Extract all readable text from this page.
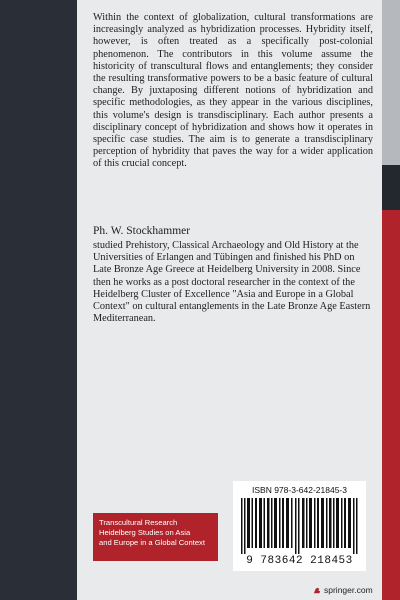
Within the context of globalization, cultural transformations are increasingly analyzed as hybridization processes. Hybridity itself, however, is often treated as a specifically post-colonial phenomenon. The contributors in this volume assume the historicity of transcultural flows and entanglements; they consider the resulting transformative powers to be a basic feature of cultural change. By juxtaposing different notions of hybridization and specific methodologies, as they appear in the various disciplines, this volume's design is transdisciplinary. Each author presents a disciplinary concept of hybridization and shows how it operates in specific case studies. The aim is to generate a transdisciplinary perception of hybridity that paves the way for a wider application of this crucial concept.

Ph. W. Stockhammer

studied Prehistory, Classical Archaeology and Old History at the Universities of Erlangen and Tübingen and finished his PhD on Late Bronze Age Greece at Heidelberg University in 2008. Since then he works as a post doctoral researcher in the context of the Heidelberg Cluster of Excellence "Asia and Europe in a Global Context" on cultural entanglements in the Late Bronze Age Eastern Mediterranean.

Transcultural Research
Heidelberg Studies on Asia
and Europe in a Global Context
ISBN 978-3-642-21845-3
9 783642 218453
springer.com
